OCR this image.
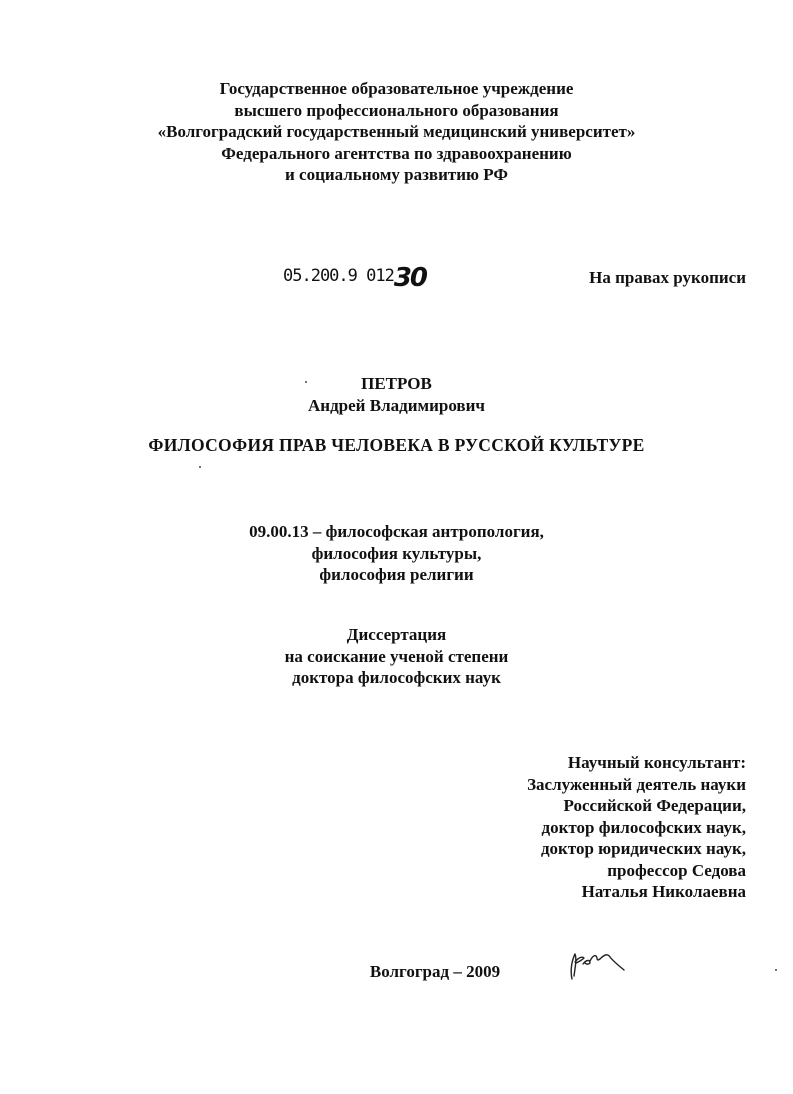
Государственное образовательное учреждение
высшего профессионального образования
«Волгоградский государственный медицинский университет»
Федерального агентства по здравоохранению
и социальному развитию РФ
05.200.9 01230	На правах рукописи
ПЕТРОВ
Андрей Владимирович
ФИЛОСОФИЯ ПРАВ ЧЕЛОВЕКА В РУССКОЙ КУЛЬТУРЕ
09.00.13 – философская антропология,
философия культуры,
философия религии
Диссертация
на соискание ученой степени
доктора философских наук
Научный консультант:
Заслуженный деятель науки
Российской Федерации,
доктор философских наук,
доктор юридических наук,
профессор Седова
Наталья Николаевна
Волгоград – 2009
